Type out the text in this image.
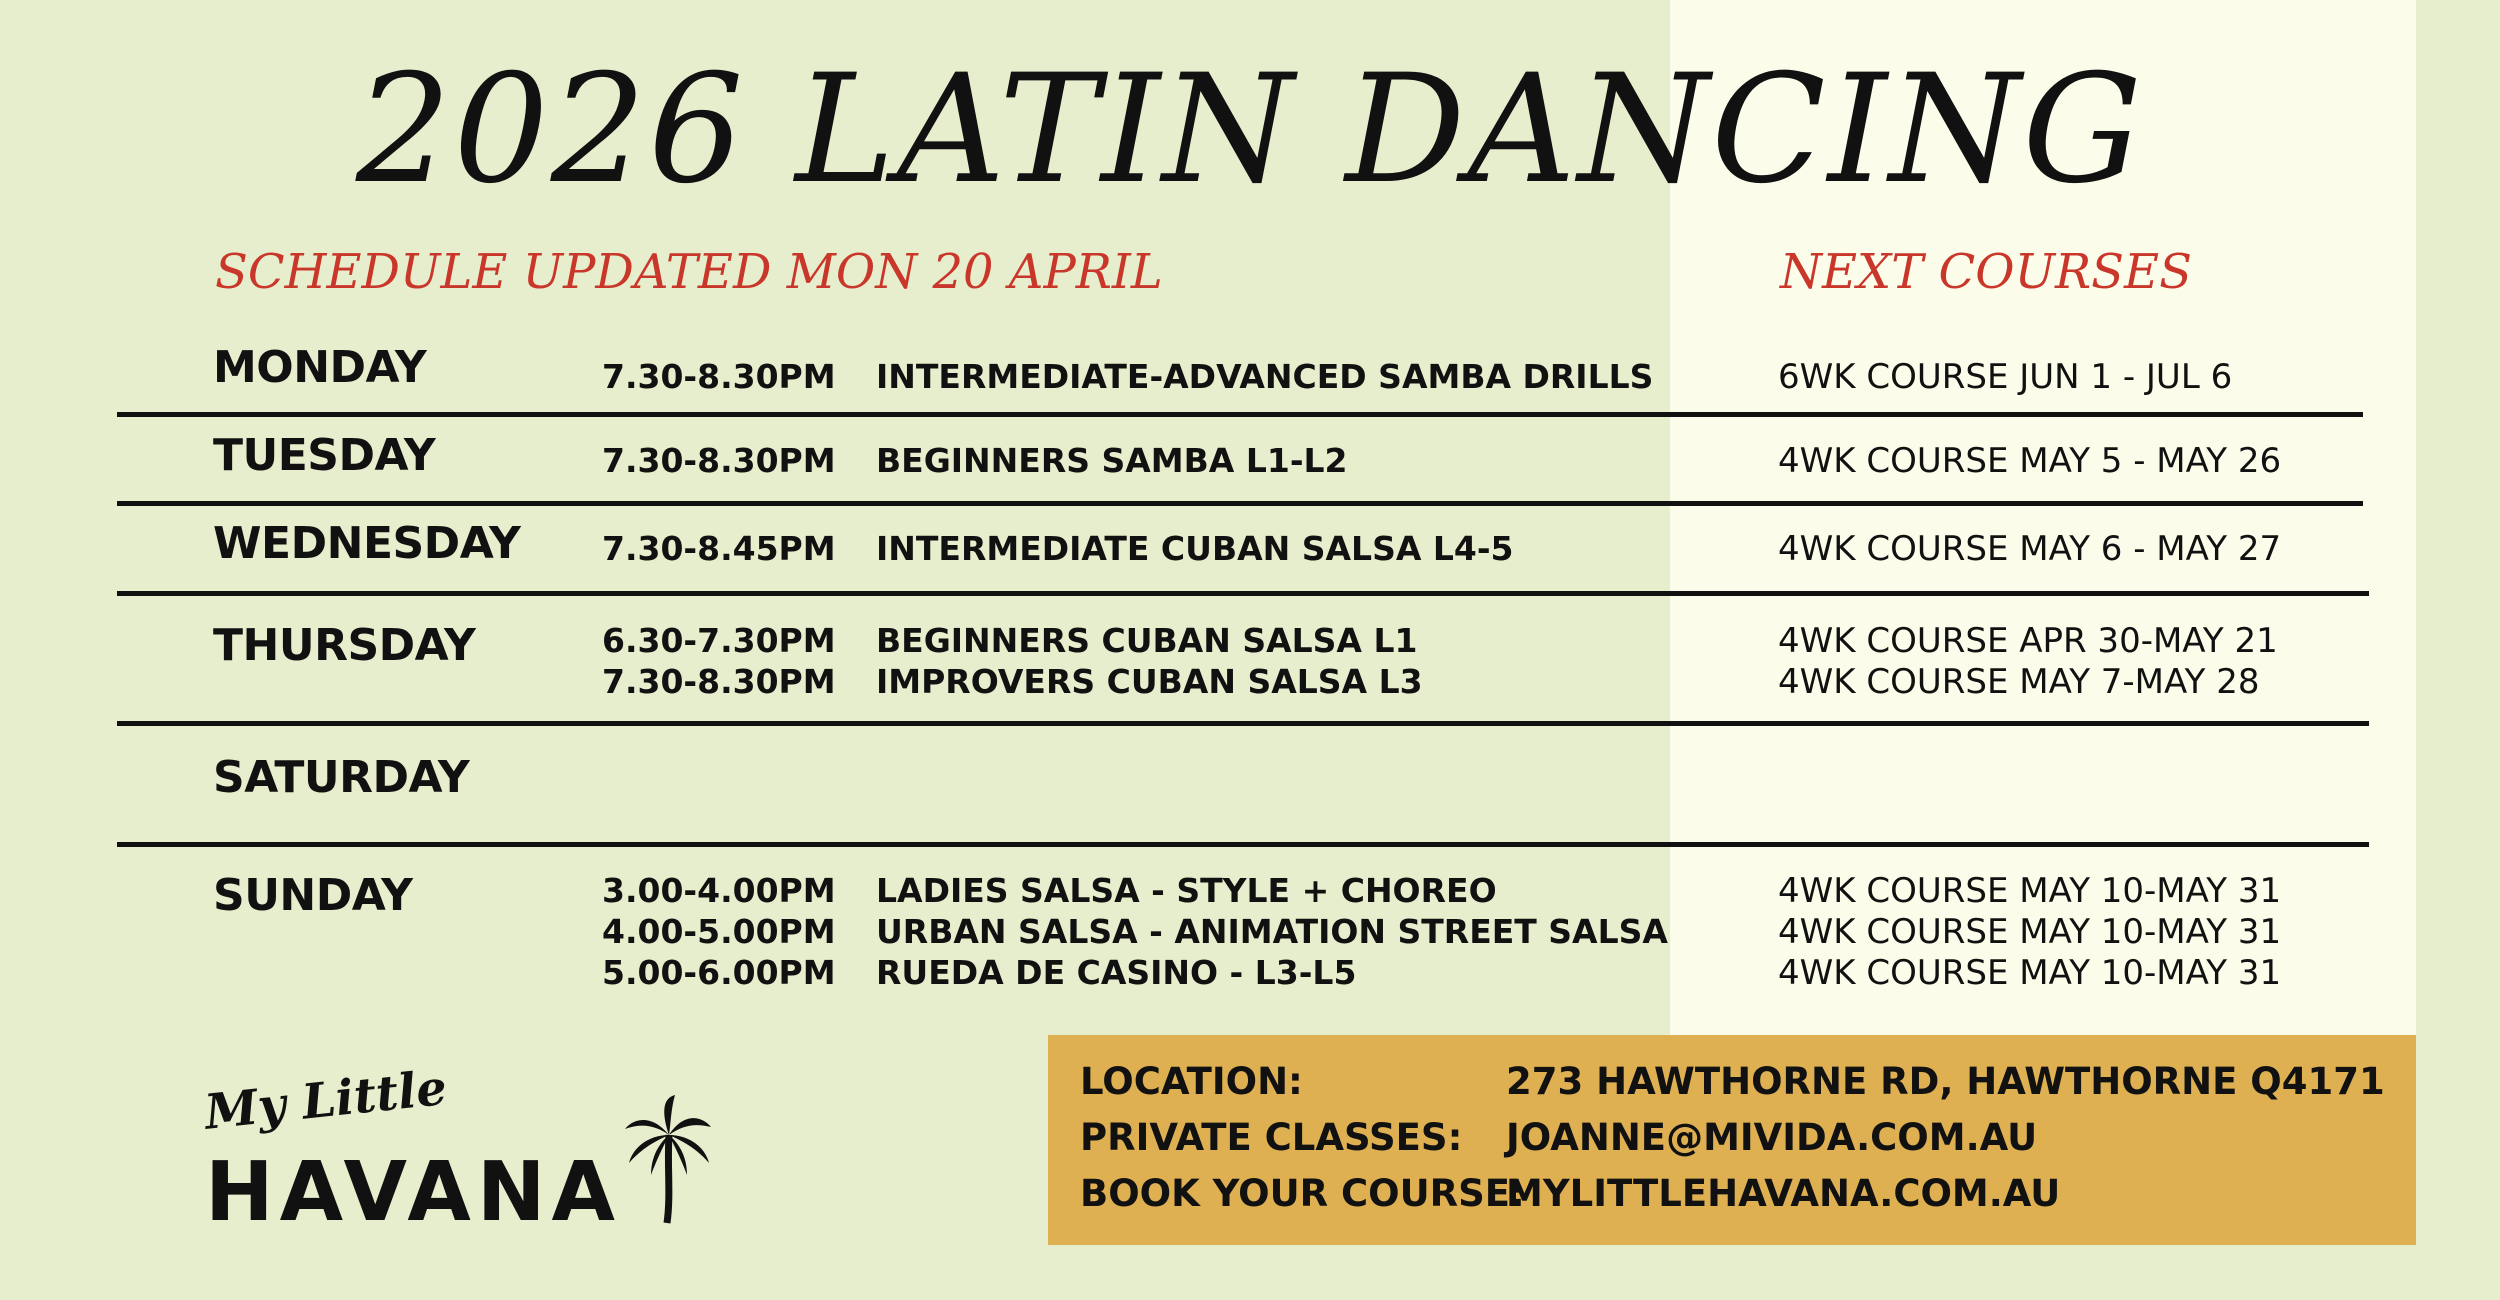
2026 LATIN DANCING
SCHEDULE UPDATED MON 20 APRIL	NEXT COURSES
MONDAY	7.30-8.30PM INTERMEDIATE-ADVANCED SAMBA DRILLS	6WK COURSE JUN 1 - JUL 6
TUESDAY	7.30-8.30PM BEGINNERS SAMBA L1-L2	4WK COURSE MAY 5 - MAY 26
WEDNESDAY 7.30-8.45PM INTERMEDIATE CUBAN SALSA L4-5	4WK COURSE MAY 6 - MAY 27
THURSDAY	6.30-7.30PM BEGINNERS CUBAN SALSA L1	4WK COURSE APR 30-MAY 21
7.30-8.30PM IMPROVERS CUBAN SALSA L3	4WK COURSE MAY 7-MAY 28
SATURDAY
SUNDAY	3.00-4.00PM LADIES SALSA - STYLE + CHOREO	4WK COURSE MAY 10-MAY 31
4.00-5.00PM URBAN SALSA - ANIMATION STREET SALSA	4WK COURSE MAY 10-MAY 31
5.00-6.00PM RUEDA DE CASINO - L3-L5	4WK COURSE MAY 10-MAY 31
My Little
HAVANA
LOCATION:	273 HAWTHORNE RD, HAWTHORNE Q4171
PRIVATE CLASSES: JOANNE@MIVIDA.COM.AU
BOOK YOUR COURSE:
MYLITTLEHAVANA.COM.AU
